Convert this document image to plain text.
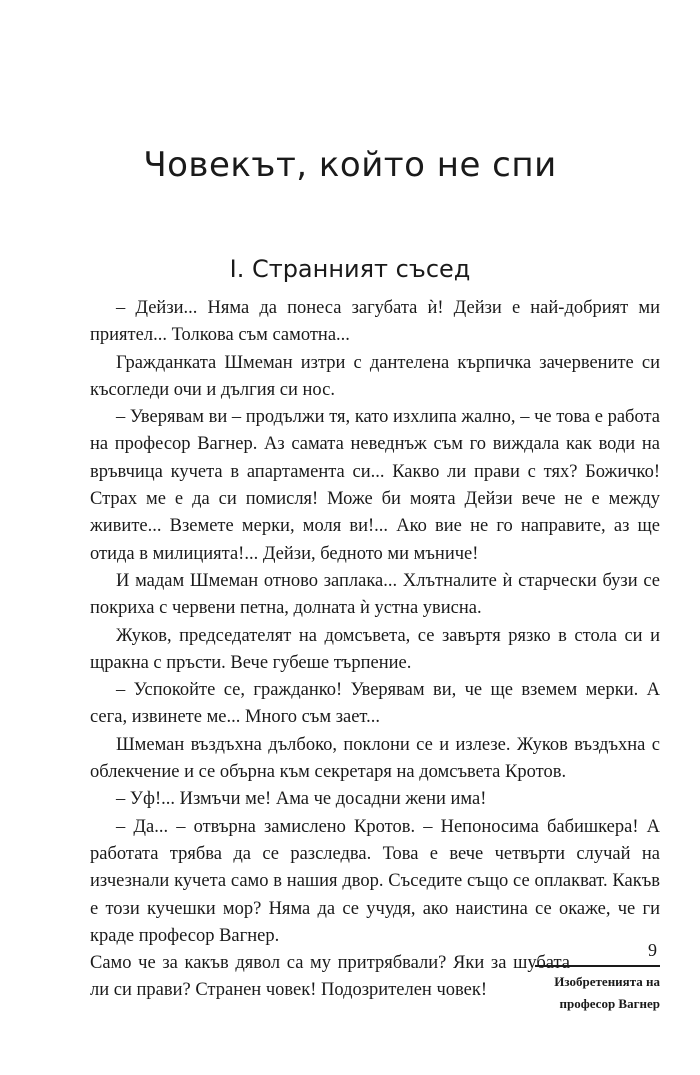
Човекът, който не спи
I. Странният съсед

– Дейзи... Няма да понеса загубата ѝ! Дейзи е най-добрият ми приятел... Толкова съм самотна...

Гражданката Шмеман изтри с дантелена кърпичка зачервените си късогледи очи и дългия си нос.

– Уверявам ви – продължи тя, като изхлипа жално, – че това е работа на професор Вагнер. Аз самата неведнъж съм го виждала как води на връвчица кучета в апартамента си... Какво ли прави с тях? Божичко! Страх ме е да си помисля! Може би моята Дейзи вече не е между живите... Вземете мерки, моля ви!... Ако вие не го направите, аз ще отида в милицията!... Дейзи, бедното ми мъниче!

И мадам Шмеман отново заплака... Хлътналите ѝ старчески бузи се покриха с червени петна, долната ѝ устна увисна.

Жуков, председателят на домсъвета, се завъртя рязко в стола си и щракна с пръсти. Вече губеше търпение.

– Успокойте се, гражданко! Уверявам ви, че ще вземем мерки. А сега, извинете ме... Много съм зает...

Шмеман въздъхна дълбоко, поклони се и излезе. Жуков въздъхна с облекчение и се обърна към секретаря на домсъвета Кротов.

– Уф!... Измъчи ме! Ама че досадни жени има!

– Да... – отвърна замислено Кротов. – Непоносима бабишкера! А работата трябва да се разследва. Това е вече четвърти случай на изчезнали кучета само в нашия двор. Съседите също се оплакват. Какъв е този кучешки мор? Няма да се учудя, ако наистина се окаже, че ги краде професор Вагнер.

Само че за какъв дявол са му притрябвали? Яки за шубата ли си прави? Странен човек! Подозрителен човек!

9
Изобретенията на
професор Вагнер
